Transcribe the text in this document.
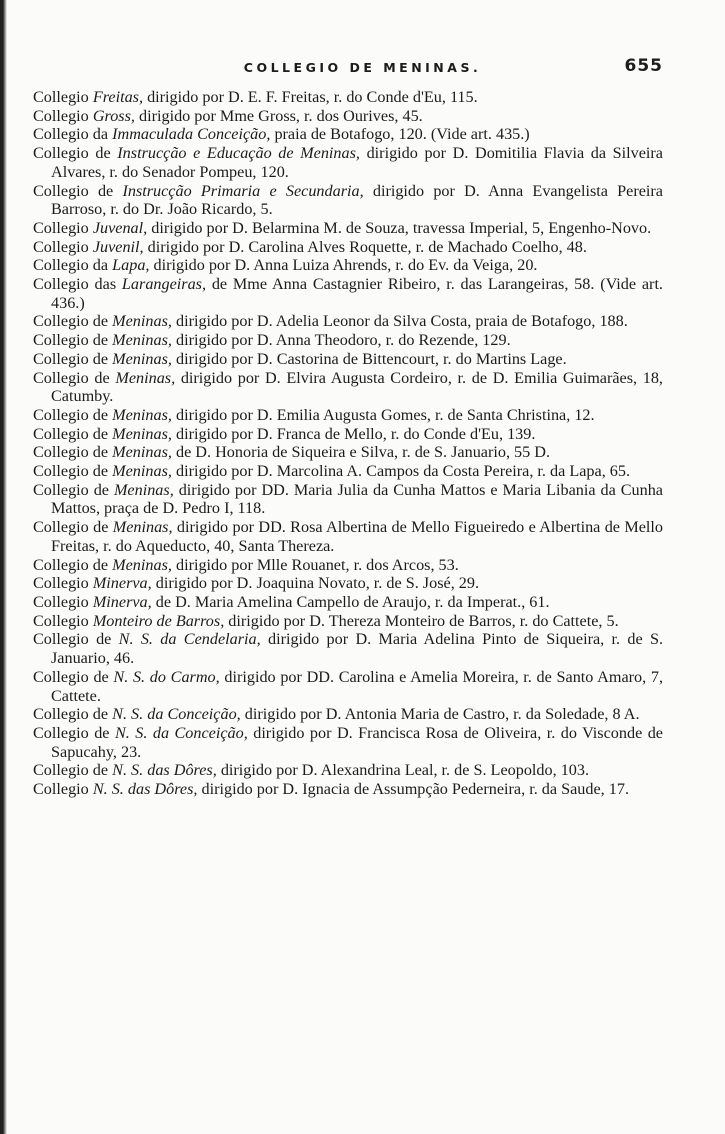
COLLEGIO DE MENINAS.	655

Collegio Freitas, dirigido por D. E. F. Freitas, r. do Conde d'Eu, 115.

Collegio Gross, dirigido por Mme Gross, r. dos Ourives, 45.

Collegio da Immaculada Conceição, praia de Botafogo, 120. (Vide art. 435.)

Collegio de Instrucção e Educação de Meninas, dirigido por D. Domitilia Flavia da Silveira Alvares, r. do Senador Pompeu, 120.

Collegio de Instrucção Primaria e Secundaria, dirigido por D. Anna Evangelista Pereira Barroso, r. do Dr. João Ricardo, 5.

Collegio Juvenal, dirigido por D. Belarmina M. de Souza, travessa Imperial, 5, Engenho-Novo.

Collegio Juvenil, dirigido por D. Carolina Alves Roquette, r. de Machado Coelho, 48.

Collegio da Lapa, dirigido por D. Anna Luiza Ahrends, r. do Ev. da Veiga, 20.

Collegio das Larangeiras, de Mme Anna Castagnier Ribeiro, r. das Larangeiras, 58. (Vide art. 436.)

Collegio de Meninas, dirigido por D. Adelia Leonor da Silva Costa, praia de Botafogo, 188.

Collegio de Meninas, dirigido por D. Anna Theodoro, r. do Rezende, 129.

Collegio de Meninas, dirigido por D. Castorina de Bittencourt, r. do Martins Lage.

Collegio de Meninas, dirigido por D. Elvira Augusta Cordeiro, r. de D. Emilia Guimarães, 18, Catumby.

Collegio de Meninas, dirigido por D. Emilia Augusta Gomes, r. de Santa Christina, 12.

Collegio de Meninas, dirigido por D. Franca de Mello, r. do Conde d'Eu, 139.

Collegio de Meninas, de D. Honoria de Siqueira e Silva, r. de S. Januario, 55 D.

Collegio de Meninas, dirigido por D. Marcolina A. Campos da Costa Pereira, r. da Lapa, 65.

Collegio de Meninas, dirigido por DD. Maria Julia da Cunha Mattos e Maria Libania da Cunha Mattos, praça de D. Pedro I, 118.

Collegio de Meninas, dirigido por DD. Rosa Albertina de Mello Figueiredo e Albertina de Mello Freitas, r. do Aqueducto, 40, Santa Thereza.

Collegio de Meninas, dirigido por Mlle Rouanet, r. dos Arcos, 53.

Collegio Minerva, dirigido por D. Joaquina Novato, r. de S. José, 29.

Collegio Minerva, de D. Maria Amelina Campello de Araujo, r. da Imperat., 61.

Collegio Monteiro de Barros, dirigido por D. Thereza Monteiro de Barros, r. do Cattete, 5.

Collegio de N. S. da Cendelaria, dirigido por D. Maria Adelina Pinto de Siqueira, r. de S. Januario, 46.

Collegio de N. S. do Carmo, dirigido por DD. Carolina e Amelia Moreira, r. de Santo Amaro, 7, Cattete.

Collegio de N. S. da Conceição, dirigido por D. Antonia Maria de Castro, r. da Soledade, 8 A.

Collegio de N. S. da Conceição, dirigido por D. Francisca Rosa de Oliveira, r. do Visconde de Sapucahy, 23.

Collegio de N. S. das Dôres, dirigido por D. Alexandrina Leal, r. de S. Leopoldo, 103.

Collegio N. S. das Dôres, dirigido por D. Ignacia de Assumpção Pederneira, r. da Saude, 17.
